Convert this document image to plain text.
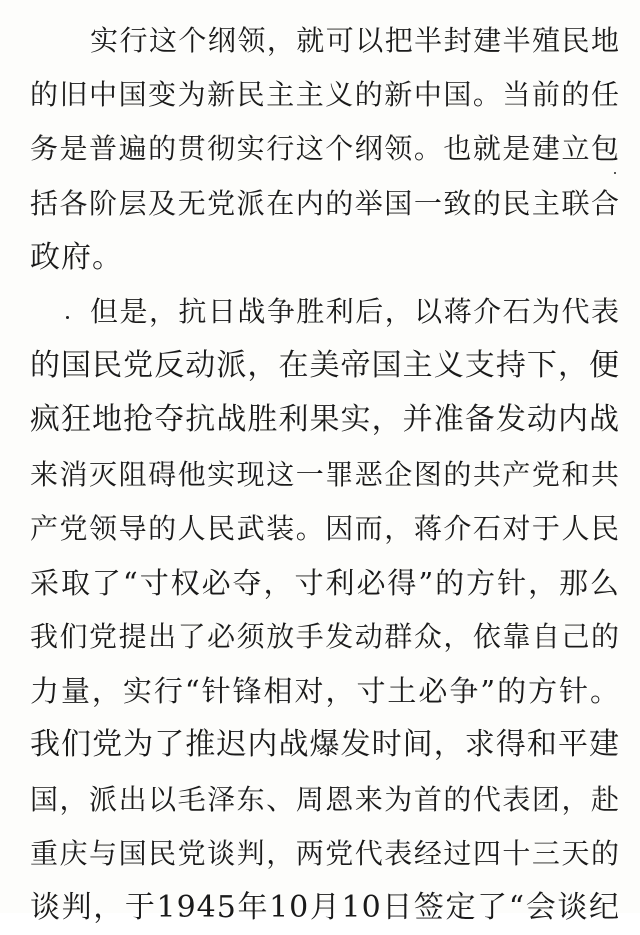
实行这个纲领，就可以把半封建半殖民地
的旧中国变为新民主主义的新中国。当前的任
务是普遍的贯彻实行这个纲领。也就是建立包
括各阶层及无党派在内的举国一致的民主联合
政府。
但是，抗日战争胜利后，以蒋介石为代表
的国民党反动派，在美帝国主义支持下，便
疯狂地抢夺抗战胜利果实，并准备发动内战
来消灭阻碍他实现这一罪恶企图的共产党和共
产党领导的人民武装。因而，蒋介石对于人民
采取了“寸权必夺，寸利必得”的方针，那么
我们党提出了必须放手发动群众，依靠自己的
力量，实行“针锋相对，寸土必争”的方针。
我们党为了推迟内战爆发时间，求得和平建
国，派出以毛泽东、周恩来为首的代表团，赴
重庆与国民党谈判，两党代表经过四十三天的
谈判，于1945年10月10日签定了“会谈纪
